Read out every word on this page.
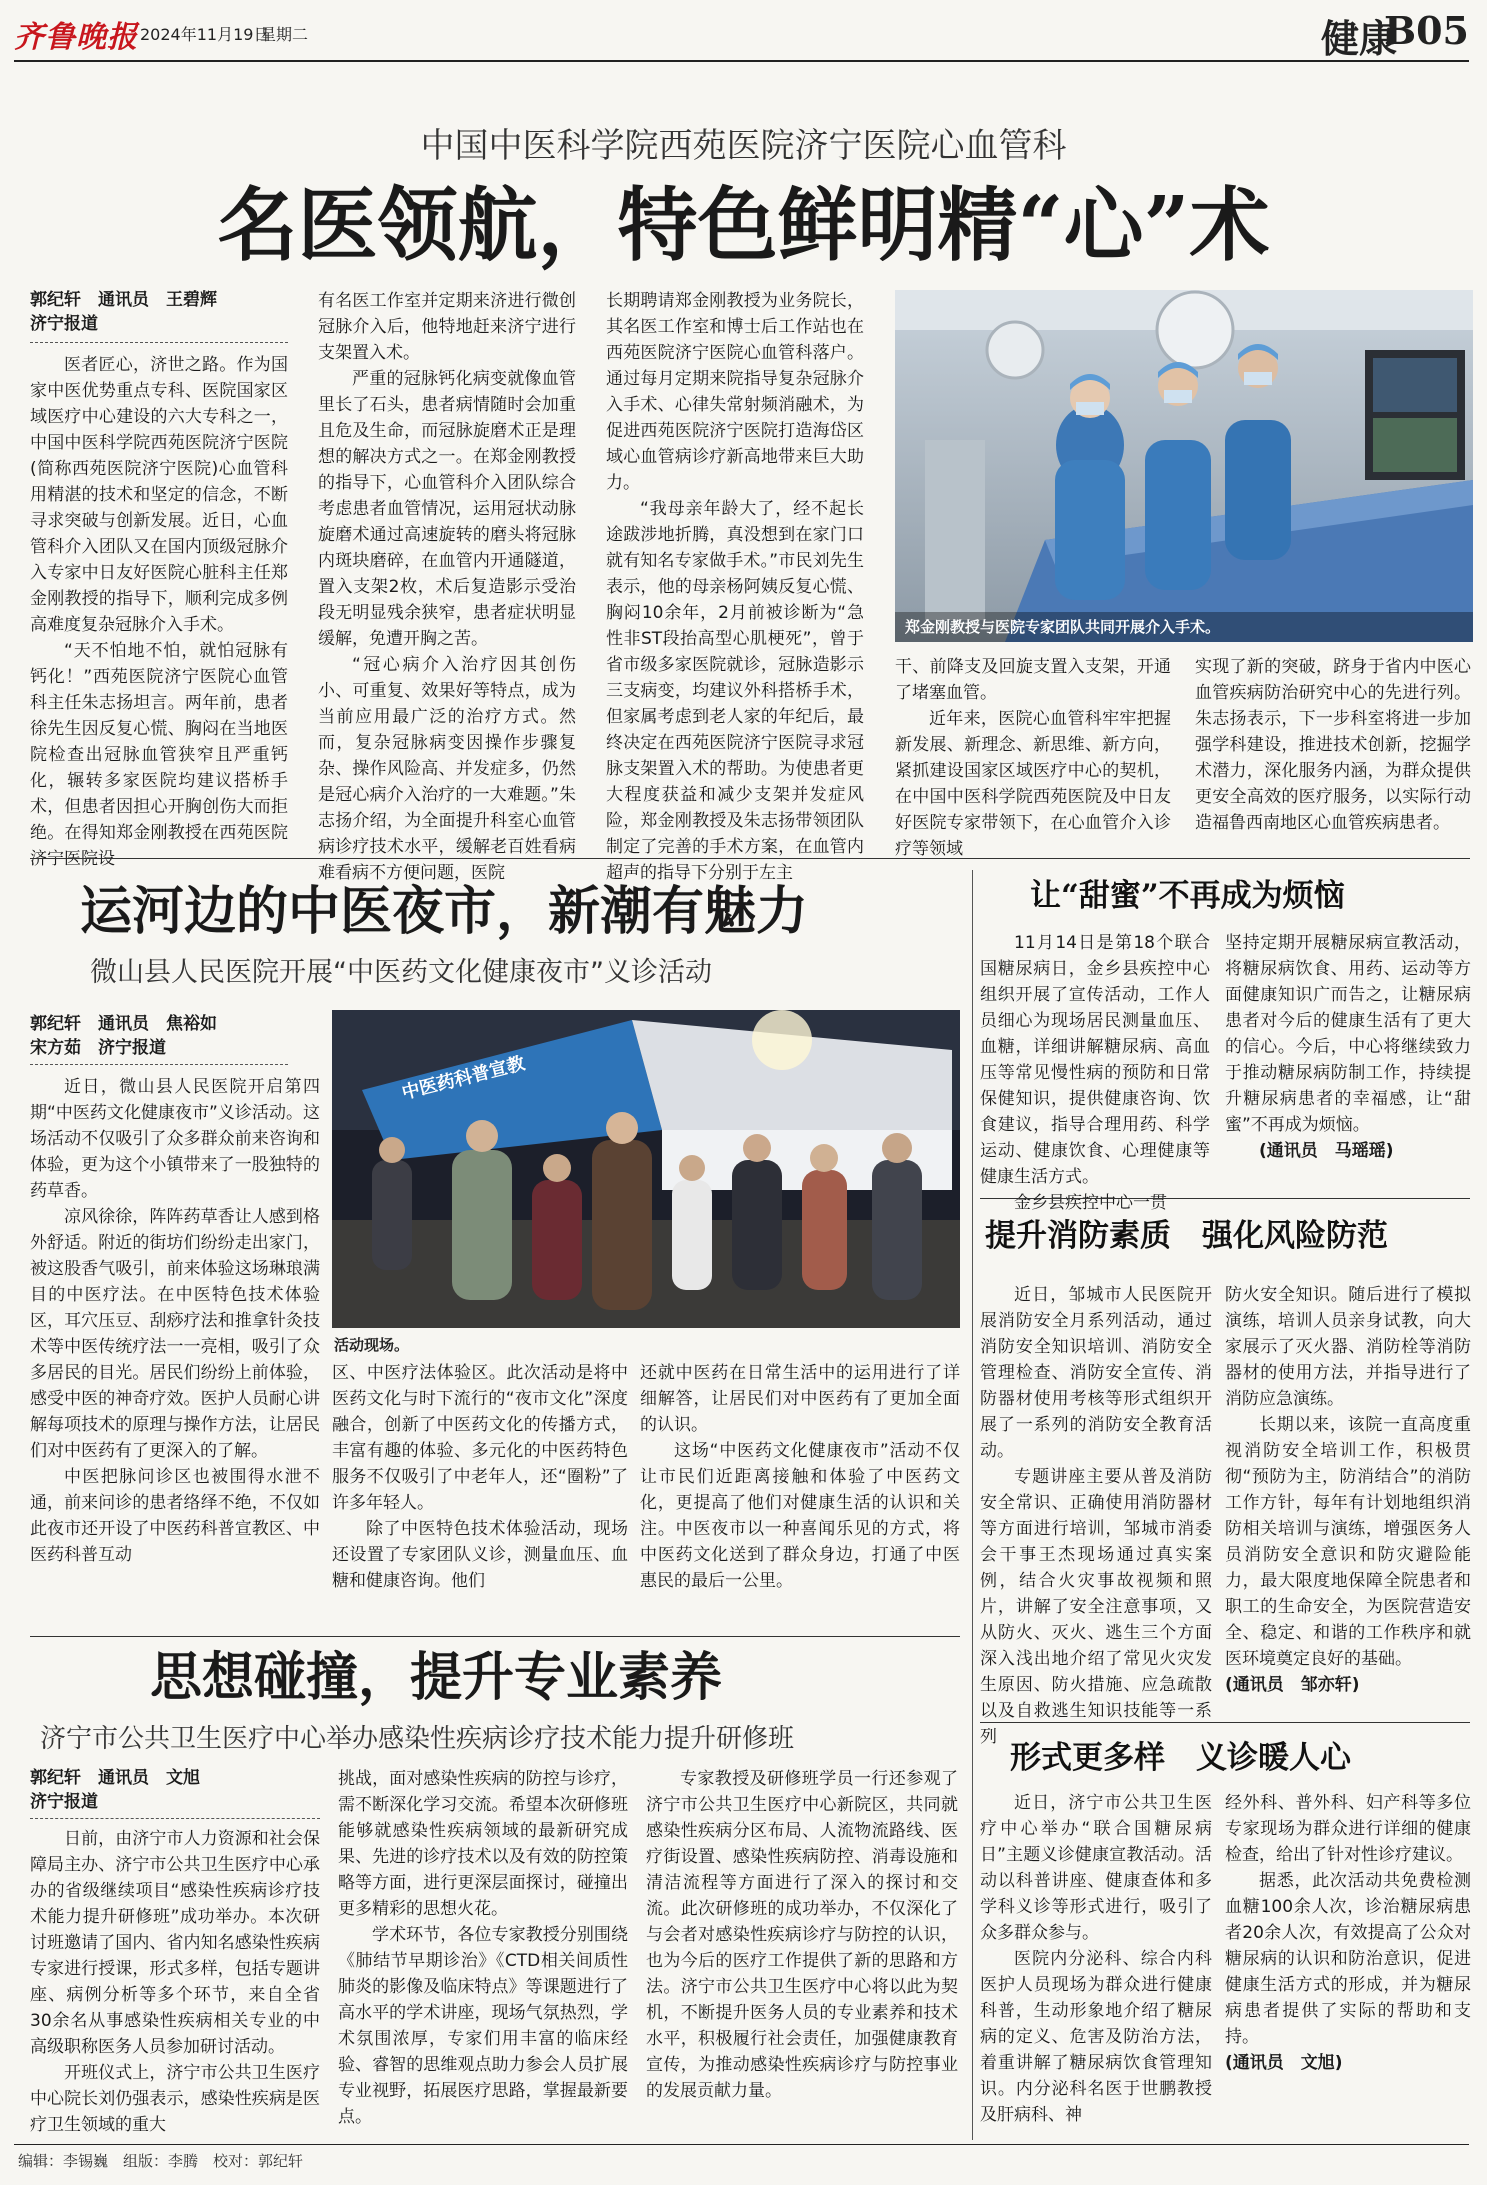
齐鲁晚报 2024年11月19日
星期二	健康
B05
中国中医科学院西苑医院济宁医院心血管科
名医领航，特色鲜明精“心”术
郭纪轩　通讯员　王碧辉
济宁报道

医者匠心，济世之路。作为国家中医优势重点专科、医院国家区域医疗中心建设的六大专科之一，中国中医科学院西苑医院济宁医院(简称西苑医院济宁医院)心血管科用精湛的技术和坚定的信念，不断寻求突破与创新发展。近日，心血管科介入团队又在国内顶级冠脉介入专家中日友好医院心脏科主任郑金刚教授的指导下，顺利完成多例高难度复杂冠脉介入手术。

“天不怕地不怕，就怕冠脉有钙化！”西苑医院济宁医院心血管科主任朱志扬坦言。两年前，患者徐先生因反复心慌、胸闷在当地医院检查出冠脉血管狭窄且严重钙化，辗转多家医院均建议搭桥手术，但患者因担心开胸创伤大而拒绝。在得知郑金刚教授在西苑医院济宁医院设

有名医工作室并定期来济进行微创冠脉介入后，他特地赶来济宁进行支架置入术。

严重的冠脉钙化病变就像血管里长了石头，患者病情随时会加重且危及生命，而冠脉旋磨术正是理想的解决方式之一。在郑金刚教授的指导下，心血管科介入团队综合考虑患者血管情况，运用冠状动脉旋磨术通过高速旋转的磨头将冠脉内斑块磨碎，在血管内开通隧道，置入支架2枚，术后复造影示受治段无明显残余狭窄，患者症状明显缓解，免遭开胸之苦。

“冠心病介入治疗因其创伤小、可重复、效果好等特点，成为当前应用最广泛的治疗方式。然而，复杂冠脉病变因操作步骤复杂、操作风险高、并发症多，仍然是冠心病介入治疗的一大难题。”朱志扬介绍，为全面提升科室心血管病诊疗技术水平，缓解老百姓看病难看病不方便问题，医院

长期聘请郑金刚教授为业务院长，其名医工作室和博士后工作站也在西苑医院济宁医院心血管科落户。通过每月定期来院指导复杂冠脉介入手术、心律失常射频消融术，为促进西苑医院济宁医院打造海岱区域心血管病诊疗新高地带来巨大助力。

“我母亲年龄大了，经不起长途跋涉地折腾，真没想到在家门口就有知名专家做手术。”市民刘先生表示，他的母亲杨阿姨反复心慌、胸闷10余年，2月前被诊断为“急性非ST段抬高型心肌梗死”，曾于省市级多家医院就诊，冠脉造影示三支病变，均建议外科搭桥手术，但家属考虑到老人家的年纪后，最终决定在西苑医院济宁医院寻求冠脉支架置入术的帮助。为使患者更大程度获益和减少支架并发症风险，郑金刚教授及朱志扬带领团队制定了完善的手术方案，在血管内超声的指导下分别于左主

郑金刚教授与医院专家团队共同开展介入手术。

干、前降支及回旋支置入支架，开通了堵塞血管。

近年来，医院心血管科牢牢把握新发展、新理念、新思维、新方向，紧抓建设国家区域医疗中心的契机，在中国中医科学院西苑医院及中日友好医院专家带领下，在心血管介入诊疗等领域

实现了新的突破，跻身于省内中医心血管疾病防治研究中心的先进行列。朱志扬表示，下一步科室将进一步加强学科建设，推进技术创新，挖掘学术潜力，深化服务内涵，为群众提供更安全高效的医疗服务，以实际行动造福鲁西南地区心血管疾病患者。

运河边的中医夜市，新潮有魅力
微山县人民医院开展“中医药文化健康夜市”义诊活动
郭纪轩　通讯员　焦裕如
宋方茹　济宁报道

近日，微山县人民医院开启第四期“中医药文化健康夜市”义诊活动。这场活动不仅吸引了众多群众前来咨询和体验，更为这个小镇带来了一股独特的药草香。

凉风徐徐，阵阵药草香让人感到格外舒适。附近的街坊们纷纷走出家门，被这股香气吸引，前来体验这场琳琅满目的中医疗法。在中医特色技术体验区，耳穴压豆、刮痧疗法和推拿针灸技术等中医传统疗法一一亮相，吸引了众多居民的目光。居民们纷纷上前体验，感受中医的神奇疗效。医护人员耐心讲解每项技术的原理与操作方法，让居民们对中医药有了更深入的了解。

中医把脉问诊区也被围得水泄不通，前来问诊的患者络绎不绝，不仅如此夜市还开设了中医药科普宣教区、中医药科普互动

中医药科普宣教
活动现场。

区、中医疗法体验区。此次活动是将中医药文化与时下流行的“夜市文化”深度融合，创新了中医药文化的传播方式，丰富有趣的体验、多元化的中医药特色服务不仅吸引了中老年人，还“圈粉”了许多年轻人。

除了中医特色技术体验活动，现场还设置了专家团队义诊，测量血压、血糖和健康咨询。他们

还就中医药在日常生活中的运用进行了详细解答，让居民们对中医药有了更加全面的认识。

这场“中医药文化健康夜市”活动不仅让市民们近距离接触和体验了中医药文化，更提高了他们对健康生活的认识和关注。中医夜市以一种喜闻乐见的方式，将中医药文化送到了群众身边，打通了中医惠民的最后一公里。

思想碰撞，提升专业素养
济宁市公共卫生医疗中心举办感染性疾病诊疗技术能力提升研修班
郭纪轩　通讯员　文旭
济宁报道

日前，由济宁市人力资源和社会保障局主办、济宁市公共卫生医疗中心承办的省级继续项目“感染性疾病诊疗技术能力提升研修班”成功举办。本次研讨班邀请了国内、省内知名感染性疾病专家进行授课，形式多样，包括专题讲座、病例分析等多个环节，来自全省30余名从事感染性疾病相关专业的中高级职称医务人员参加研讨活动。

开班仪式上，济宁市公共卫生医疗中心院长刘仍强表示，感染性疾病是医疗卫生领域的重大

挑战，面对感染性疾病的防控与诊疗，需不断深化学习交流。希望本次研修班能够就感染性疾病领域的最新研究成果、先进的诊疗技术以及有效的防控策略等方面，进行更深层面探讨，碰撞出更多精彩的思想火花。

学术环节，各位专家教授分别围绕《肺结节早期诊治》《CTD相关间质性肺炎的影像及临床特点》等课题进行了高水平的学术讲座，现场气氛热烈，学术氛围浓厚，专家们用丰富的临床经验、睿智的思维观点助力参会人员扩展专业视野，拓展医疗思路，掌握最新要点。

专家教授及研修班学员一行还参观了济宁市公共卫生医疗中心新院区，共同就感染性疾病分区布局、人流物流路线、医疗街设置、感染性疾病防控、消毒设施和清洁流程等方面进行了深入的探讨和交流。此次研修班的成功举办，不仅深化了与会者对感染性疾病诊疗与防控的认识，也为今后的医疗工作提供了新的思路和方法。济宁市公共卫生医疗中心将以此为契机，不断提升医务人员的专业素养和技术水平，积极履行社会责任，加强健康教育宣传，为推动感染性疾病诊疗与防控事业的发展贡献力量。

让“甜蜜”不再成为烦恼

11月14日是第18个联合国糖尿病日，金乡县疾控中心组织开展了宣传活动，工作人员细心为现场居民测量血压、血糖，详细讲解糖尿病、高血压等常见慢性病的预防和日常保健知识，提供健康咨询、饮食建议，指导合理用药、科学运动、健康饮食、心理健康等健康生活方式。

金乡县疾控中心一贯

坚持定期开展糖尿病宣教活动，将糖尿病饮食、用药、运动等方面健康知识广而告之，让糖尿病患者对今后的健康生活有了更大的信心。今后，中心将继续致力于推动糖尿病防制工作，持续提升糖尿病患者的幸福感，让“甜蜜”不再成为烦恼。

(通讯员　马瑶瑶)
提升消防素质　强化风险防范

近日，邹城市人民医院开展消防安全月系列活动，通过消防安全知识培训、消防安全管理检查、消防安全宣传、消防器材使用考核等形式组织开展了一系列的消防安全教育活动。

专题讲座主要从普及消防安全常识、正确使用消防器材等方面进行培训，邹城市消委会干事王杰现场通过真实案例，结合火灾事故视频和照片，讲解了安全注意事项，又从防火、灭火、逃生三个方面深入浅出地介绍了常见火灾发生原因、防火措施、应急疏散以及自救逃生知识技能等一系列

防火安全知识。随后进行了模拟演练，培训人员亲身试教，向大家展示了灭火器、消防栓等消防器材的使用方法，并指导进行了消防应急演练。

长期以来，该院一直高度重视消防安全培训工作，积极贯彻“预防为主，防消结合”的消防工作方针，每年有计划地组织消防相关培训与演练，增强医务人员消防安全意识和防灾避险能力，最大限度地保障全院患者和职工的生命安全，为医院营造安全、稳定、和谐的工作秩序和就医环境奠定良好的基础。

(通讯员　邹亦轩)
形式更多样　义诊暖人心

近日，济宁市公共卫生医疗中心举办“联合国糖尿病日”主题义诊健康宣教活动。活动以科普讲座、健康查体和多学科义诊等形式进行，吸引了众多群众参与。

医院内分泌科、综合内科医护人员现场为群众进行健康科普，生动形象地介绍了糖尿病的定义、危害及防治方法，着重讲解了糖尿病饮食管理知识。内分泌科名医于世鹏教授及肝病科、神

经外科、普外科、妇产科等多位专家现场为群众进行详细的健康检查，给出了针对性诊疗建议。

据悉，此次活动共免费检测血糖100余人次，诊治糖尿病患者20余人次，有效提高了公众对糖尿病的认识和防治意识，促进健康生活方式的形成，并为糖尿病患者提供了实际的帮助和支持。

(通讯员　文旭)
编辑：李锡巍　组版：李腾　校对：郭纪轩
